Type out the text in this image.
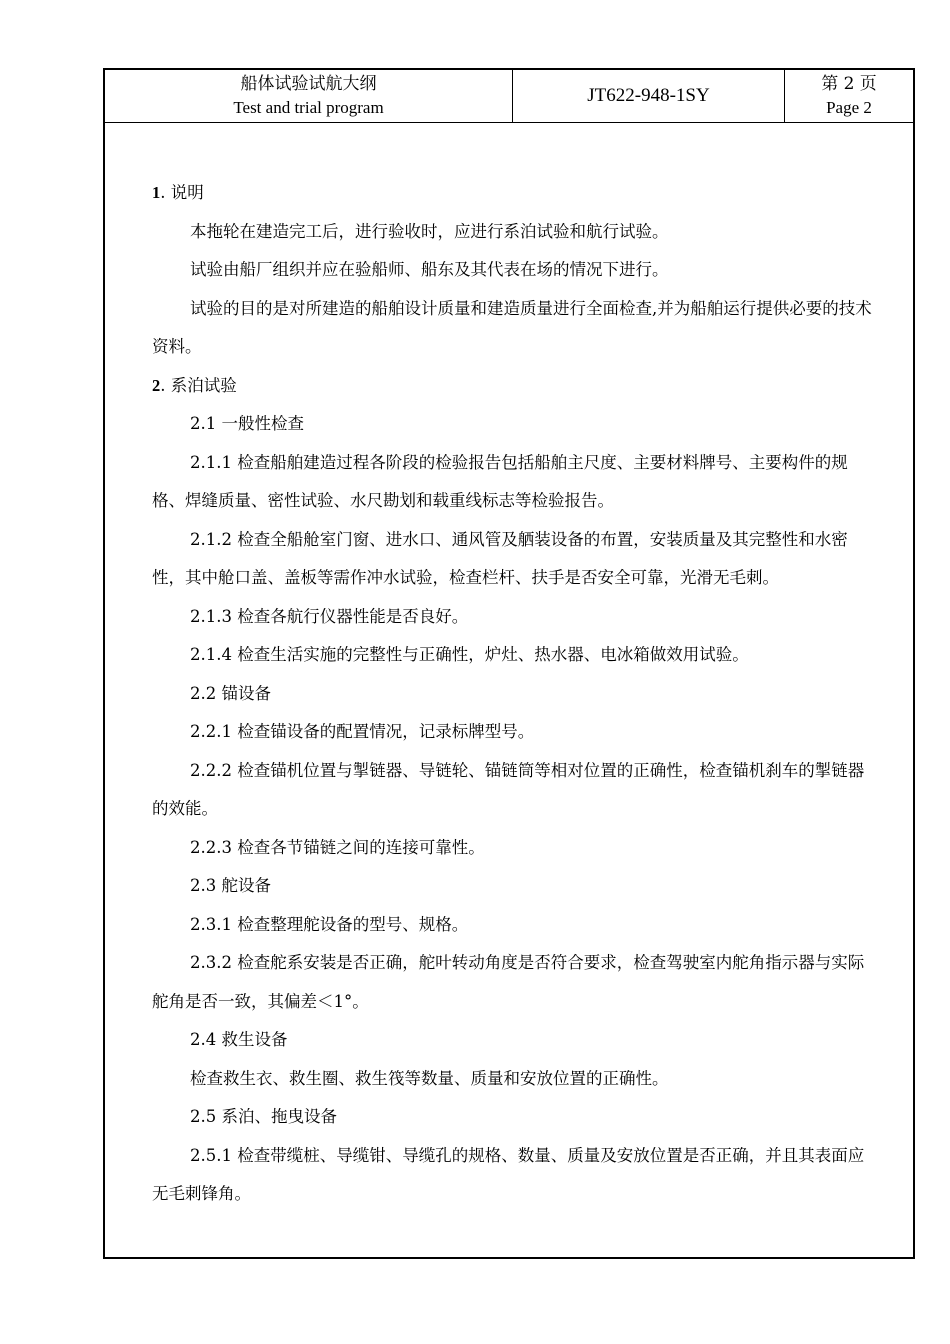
船体试验试航大纲
Test and trial program
JT622-948-1SY
第 2 页
Page 2

1. 说明

本拖轮在建造完工后，进行验收时，应进行系泊试验和航行试验。

试验由船厂组织并应在验船师、船东及其代表在场的情况下进行。

试验的目的是对所建造的船舶设计质量和建造质量进行全面检查,并为船舶运行提供必要的技术资料。

2. 系泊试验

2.1 一般性检查

2.1.1 检查船舶建造过程各阶段的检验报告包括船舶主尺度、主要材料牌号、主要构件的规格、焊缝质量、密性试验、水尺勘划和载重线标志等检验报告。

2.1.2 检查全船舱室门窗、进水口、通风管及舾装设备的布置，安装质量及其完整性和水密性，其中舱口盖、盖板等需作冲水试验，检查栏杆、扶手是否安全可靠，光滑无毛刺。

2.1.3 检查各航行仪器性能是否良好。

2.1.4 检查生活实施的完整性与正确性，炉灶、热水器、电冰箱做效用试验。

2.2 锚设备

2.2.1 检查锚设备的配置情况，记录标牌型号。

2.2.2 检查锚机位置与掣链器、导链轮、锚链筒等相对位置的正确性，检查锚机刹车的掣链器的效能。

2.2.3 检查各节锚链之间的连接可靠性。

2.3 舵设备

2.3.1 检查整理舵设备的型号、规格。

2.3.2 检查舵系安装是否正确，舵叶转动角度是否符合要求，检查驾驶室内舵角指示器与实际舵角是否一致，其偏差＜1°。

2.4 救生设备

检查救生衣、救生圈、救生筏等数量、质量和安放位置的正确性。

2.5 系泊、拖曳设备

2.5.1 检查带缆桩、导缆钳、导缆孔的规格、数量、质量及安放位置是否正确，并且其表面应无毛刺锋角。
